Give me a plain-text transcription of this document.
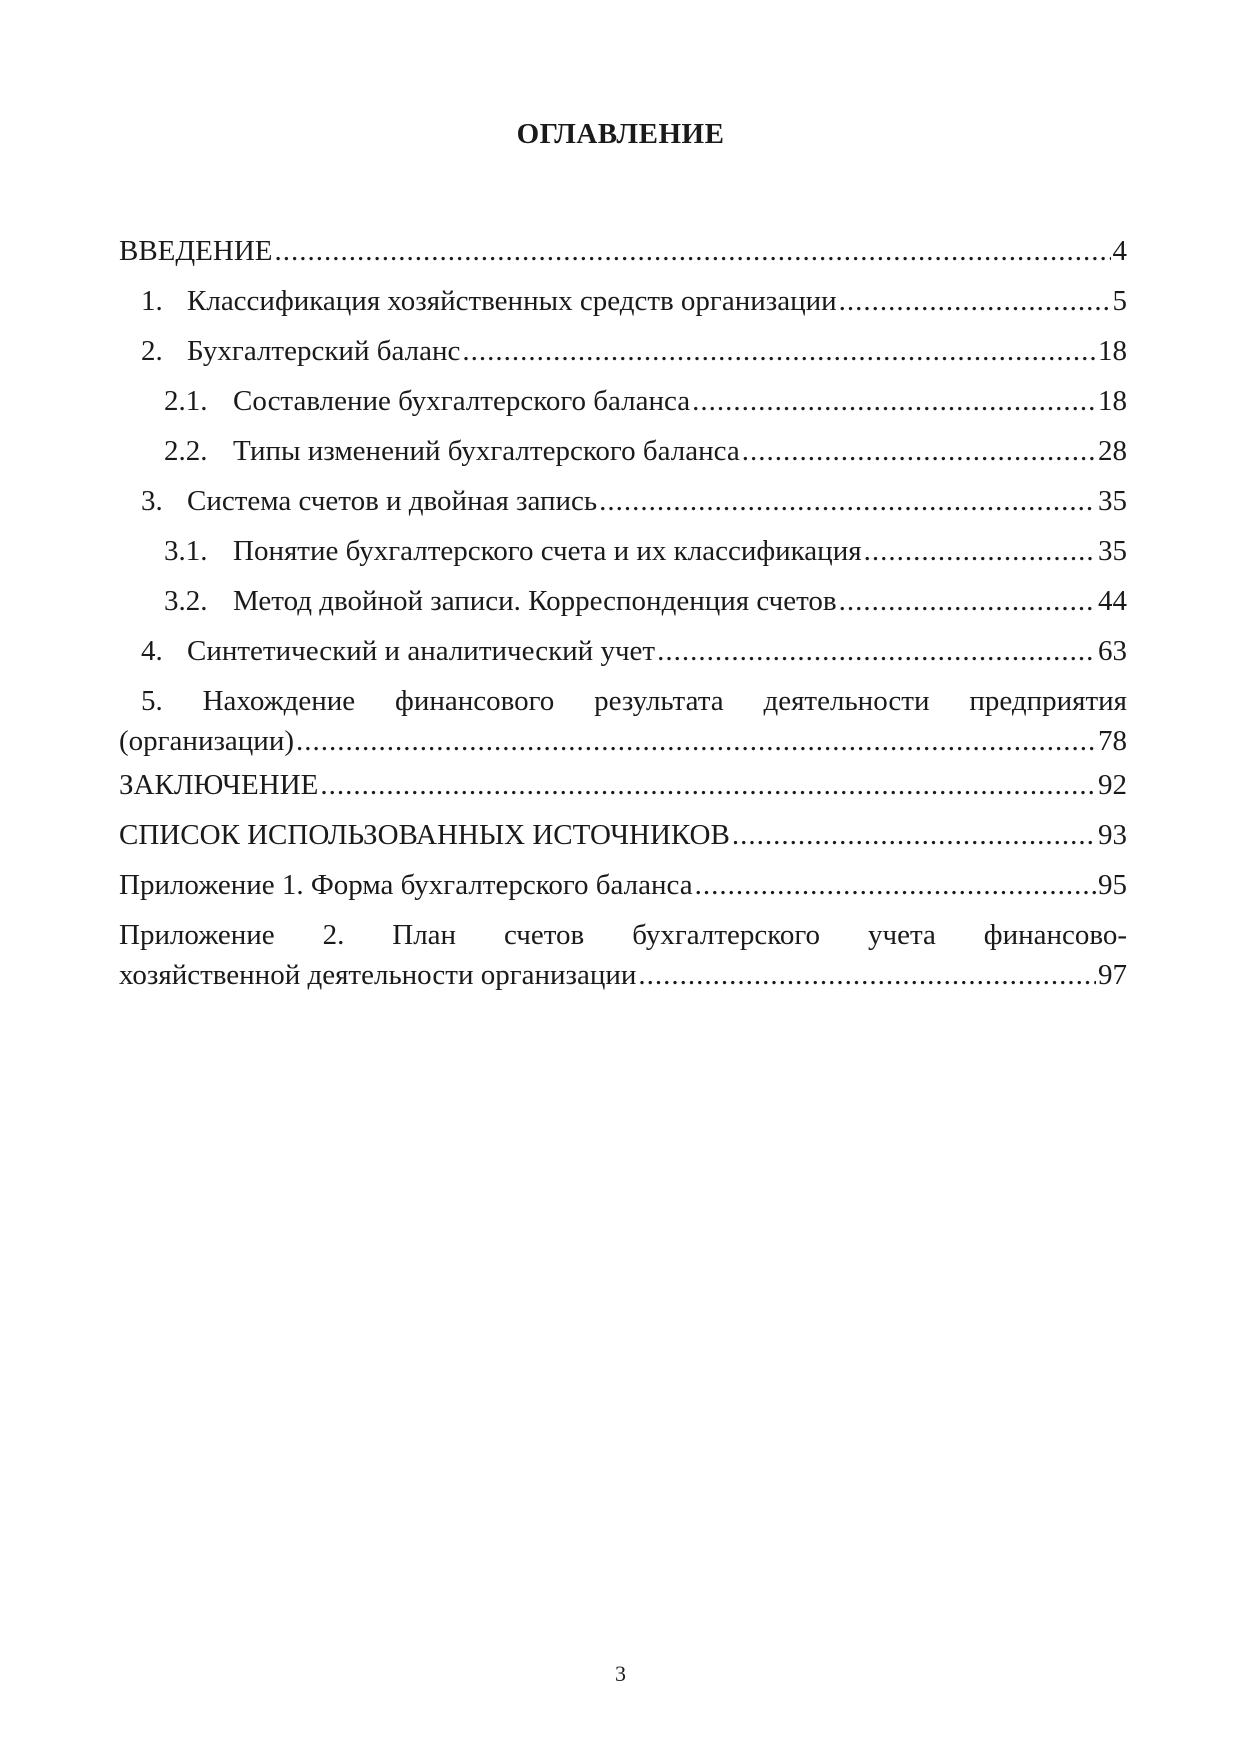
ОГЛАВЛЕНИЕ
ВВЕДЕНИЕ .....	4
1. Классификация хозяйственных средств организации .....	5
2. Бухгалтерский баланс .....	18
2.1. Составление бухгалтерского баланса .....	18
2.2. Типы изменений бухгалтерского баланса .....	28
3. Система счетов и двойная запись .....	35
3.1. Понятие бухгалтерского счета и их классификация .....	35
3.2. Метод двойной записи. Корреспонденция счетов .....	44
4. Синтетический и аналитический учет .....	63
5. Нахождение финансового результата деятельности предприятия
(организации) .....	78
ЗАКЛЮЧЕНИЕ .....	92
СПИСОК ИСПОЛЬЗОВАННЫХ ИСТОЧНИКОВ .....	93
Приложение 1. Форма бухгалтерского баланса .....	95
Приложение 2. План счетов бухгалтерского учета финансово-
хозяйственной деятельности организации .....	97
3
